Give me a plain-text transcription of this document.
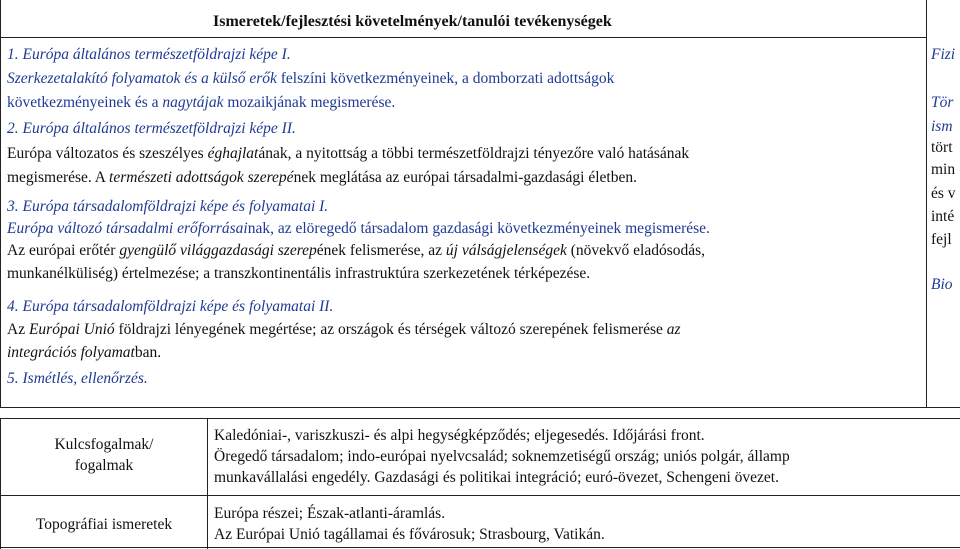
Ismeretek/fejlesztési követelmények/tanulói tevékenységek
1. Európa általános természetföldrajzi képe I.
Szerkezetalakító folyamatok és a külső erők felszíni következményeinek, a domborzati adottságok
következményeinek és a nagytájak mozaikjának megismerése.
2. Európa általános természetföldrajzi képe II.
Európa változatos és szeszélyes éghajlatának, a nyitottság a többi természetföldrajzi tényezőre való hatásának
megismerése. A természeti adottságok szerepének meglátása az európai társadalmi-gazdasági életben.
3. Európa társadalomföldrajzi képe és folyamatai I.
Európa változó társadalmi erőforrásainak, az elöregedő társadalom gazdasági következményeinek megismerése.
Az európai erőtér gyengülő világgazdasági szerepének felismerése, az új válságjelenségek (növekvő eladósodás,
munkanélküliség) értelmezése; a transzkontinentális infrastruktúra szerkezetének térképezése.
4. Európa társadalomföldrajzi képe és folyamatai II.
Az Európai Unió földrajzi lényegének megértése; az országok és térségek változó szerepének felismerése az
integrációs folyamatban.
5. Ismétlés, ellenőrzés.
Fizi
Tör
ism
tört
min
és v
inté
fejl
Bio
Kulcsfogalmak/
fogalmak
Kaledóniai-, variszkuszi- és alpi hegységképződés; eljegesedés. Időjárási front.
Öregedő társadalom; indo-európai nyelvcsalád; soknemzetiségű ország; uniós polgár, államp
munkavállalási engedély. Gazdasági és politikai integráció; euró-övezet, Schengeni övezet.
Topográfiai ismeretek
Európa részei; Észak-atlanti-áramlás.
Az Európai Unió tagállamai és fővárosuk; Strasbourg, Vatikán.
